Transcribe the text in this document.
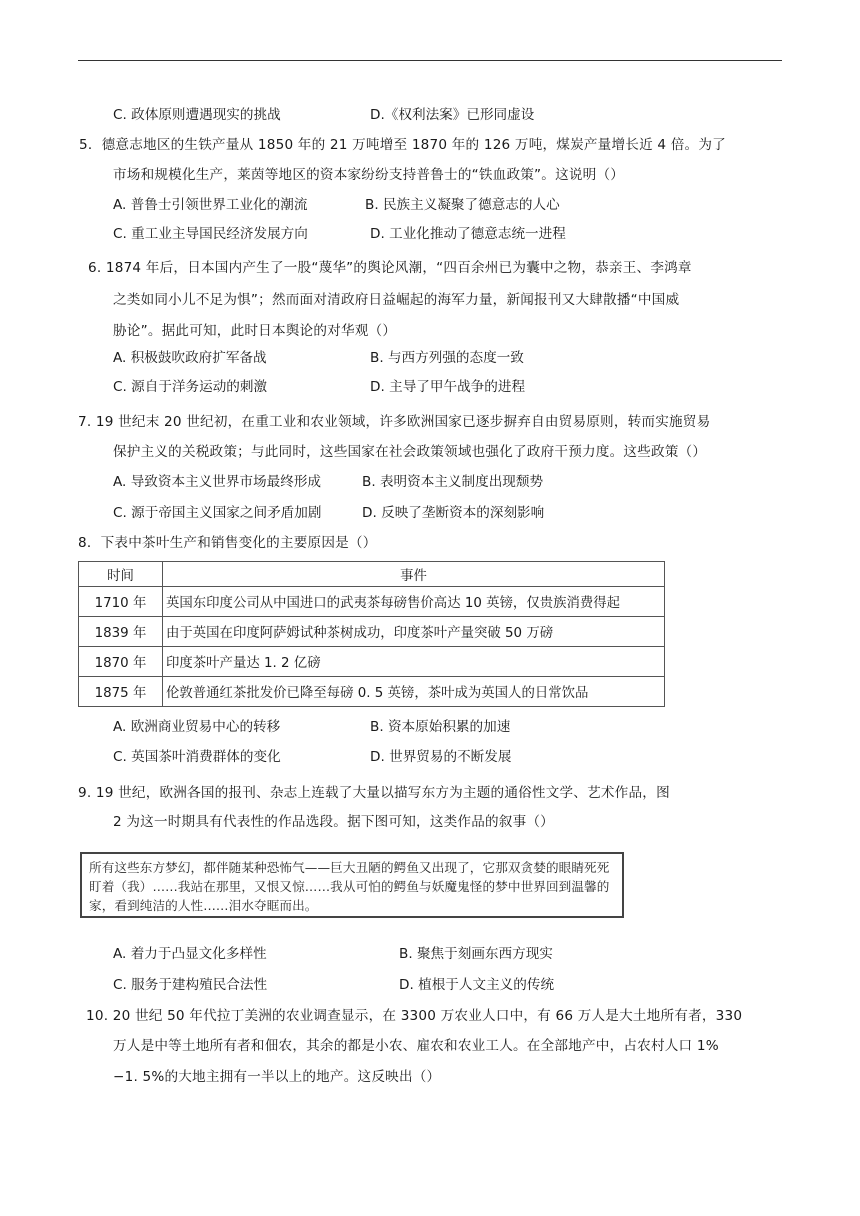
C. 政体原则遭遇现实的挑战	D.《权利法案》已形同虚设
5．德意志地区的生铁产量从 1850 年的 21 万吨增至 1870 年的 126 万吨，煤炭产量增长近 4 倍。为了
市场和规模化生产，莱茵等地区的资本家纷纷支持普鲁士的“铁血政策”。这说明（）
A. 普鲁士引领世界工业化的潮流	B. 民族主义凝聚了德意志的人心
C. 重工业主导国民经济发展方向	D. 工业化推动了德意志统一进程
6. 1874 年后，日本国内产生了一股“蔑华”的舆论风潮，“四百余州已为囊中之物，恭亲王、李鸿章
之类如同小儿不足为惧”；然而面对清政府日益崛起的海军力量，新闻报刊又大肆散播“中国威
胁论”。据此可知，此时日本舆论的对华观（）
A. 积极鼓吹政府扩军备战	B. 与西方列强的态度一致
C. 源自于洋务运动的刺激	D. 主导了甲午战争的进程
7. 19 世纪末 20 世纪初，在重工业和农业领域，许多欧洲国家已逐步摒弃自由贸易原则，转而实施贸易
保护主义的关税政策；与此同时，这些国家在社会政策领域也强化了政府干预力度。这些政策（）
A. 导致资本主义世界市场最终形成	B. 表明资本主义制度出现颓势
C. 源于帝国主义国家之间矛盾加剧	D. 反映了垄断资本的深刻影响
8．下表中茶叶生产和销售变化的主要原因是（）
时间	事件
1710 年	英国东印度公司从中国进口的武夷茶每磅售价高达 10 英镑，仅贵族消费得起
1839 年	由于英国在印度阿萨姆试种茶树成功，印度茶叶产量突破 50 万磅
1870 年	印度茶叶产量达 1. 2 亿磅
1875 年	伦敦普通红茶批发价已降至每磅 0. 5 英镑，茶叶成为英国人的日常饮品
A. 欧洲商业贸易中心的转移	B. 资本原始积累的加速
C. 英国茶叶消费群体的变化	D. 世界贸易的不断发展
9. 19 世纪，欧洲各国的报刊、杂志上连载了大量以描写东方为主题的通俗性文学、艺术作品，图
2 为这一时期具有代表性的作品选段。据下图可知，这类作品的叙事（）
所有这些东方梦幻，都伴随某种恐怖气——巨大丑陋的鳄鱼又出现了，它那双贪婪的眼睛死死
盯着（我）……我站在那里，又恨又惊……我从可怕的鳄鱼与妖魔鬼怪的梦中世界回到温馨的
家，看到纯洁的人性……泪水夺眶而出。
A. 着力于凸显文化多样性	B. 聚焦于刻画东西方现实
C. 服务于建构殖民合法性	D. 植根于人文主义的传统
10. 20 世纪 50 年代拉丁美洲的农业调查显示，在 3300 万农业人口中，有 66 万人是大土地所有者，330
万人是中等土地所有者和佃农，其余的都是小农、雇农和农业工人。在全部地产中，占农村人口 1%
−1. 5%的大地主拥有一半以上的地产。这反映出（）
